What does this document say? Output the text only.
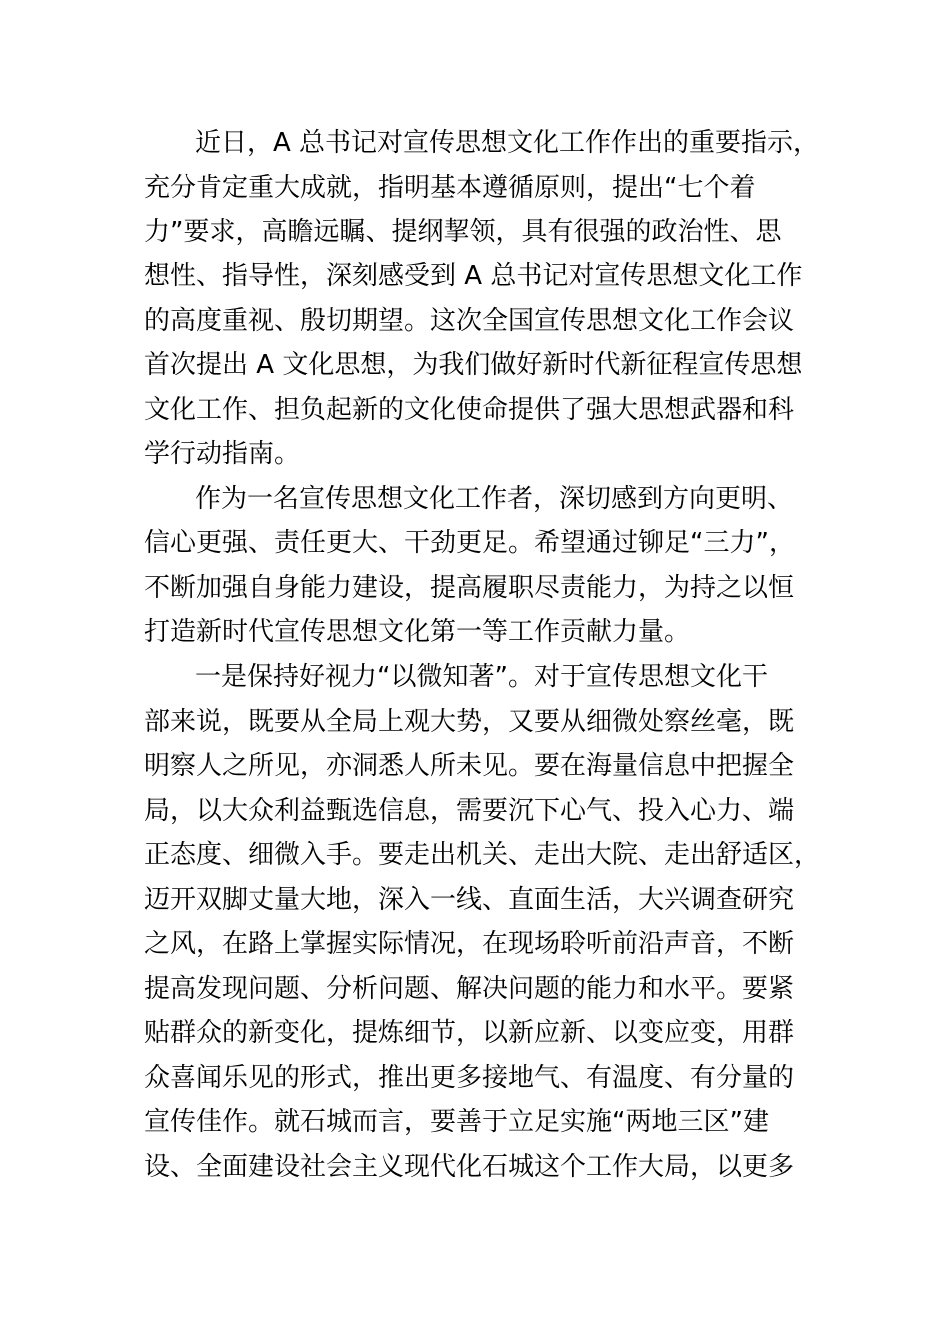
近日，A 总书记对宣传思想文化工作作出的重要指示，
充分肯定重大成就，指明基本遵循原则，提出“七个着
力”要求，高瞻远瞩、提纲挈领，具有很强的政治性、思
想性、指导性，深刻感受到 A 总书记对宣传思想文化工作
的高度重视、殷切期望。这次全国宣传思想文化工作会议
首次提出 A 文化思想，为我们做好新时代新征程宣传思想
文化工作、担负起新的文化使命提供了强大思想武器和科
学行动指南。
作为一名宣传思想文化工作者，深切感到方向更明、
信心更强、责任更大、干劲更足。希望通过铆足“三力”，
不断加强自身能力建设，提高履职尽责能力，为持之以恒
打造新时代宣传思想文化第一等工作贡献力量。
一是保持好视力“以微知著”。对于宣传思想文化干
部来说，既要从全局上观大势，又要从细微处察丝毫，既
明察人之所见，亦洞悉人所未见。要在海量信息中把握全
局，以大众利益甄选信息，需要沉下心气、投入心力、端
正态度、细微入手。要走出机关、走出大院、走出舒适区，
迈开双脚丈量大地，深入一线、直面生活，大兴调查研究
之风，在路上掌握实际情况，在现场聆听前沿声音，不断
提高发现问题、分析问题、解决问题的能力和水平。要紧
贴群众的新变化，提炼细节，以新应新、以变应变，用群
众喜闻乐见的形式，推出更多接地气、有温度、有分量的
宣传佳作。就石城而言，要善于立足实施“两地三区”建
设、全面建设社会主义现代化石城这个工作大局，以更多
